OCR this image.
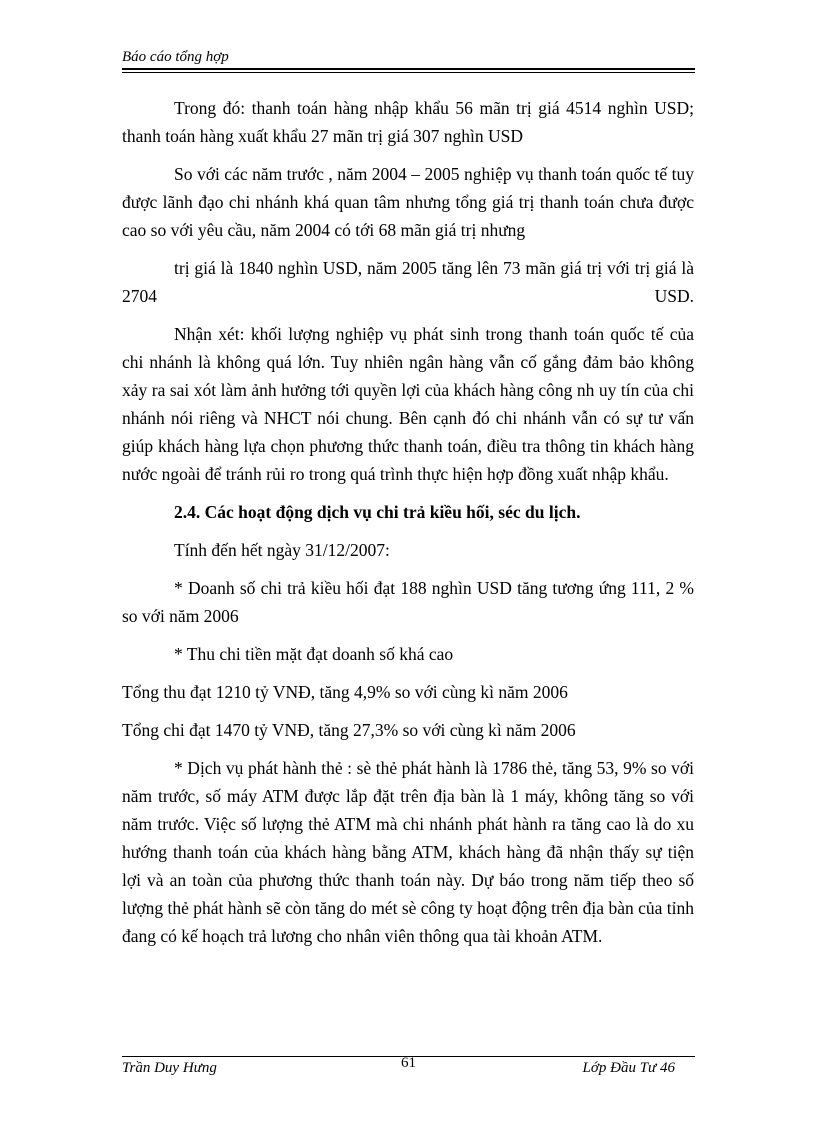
Báo cáo tổng hợp

Trong đó: thanh toán hàng nhập khẩu 56 mãn trị giá 4514 nghìn USD; thanh toán hàng xuất khẩu 27 mãn trị giá 307 nghìn USD

So với các năm trước , năm 2004 – 2005 nghiệp vụ thanh toán quốc tế tuy được lãnh đạo chi nhánh khá quan tâm nhưng tổng giá trị thanh toán chưa được cao so với yêu cầu, năm 2004 có tới 68 mãn giá trị nhưng

trị giá là 1840 nghìn USD, năm 2005 tăng lên 73 mãn giá trị với trị giá là 2704 USD.

Nhận xét: khối lượng nghiệp vụ phát sinh trong thanh toán quốc tế của chi nhánh là không quá lớn. Tuy nhiên ngân hàng vẫn cố gắng đảm bảo không xảy ra sai xót làm ảnh hưởng tới quyền lợi của khách hàng công nh uy tín của chi nhánh nói riêng và NHCT nói chung. Bên cạnh đó chi nhánh vẫn có sự tư vấn giúp khách hàng lựa chọn phương thức thanh toán, điều tra thông tin khách hàng nước ngoài để tránh rủi ro trong quá trình thực hiện hợp đồng xuất nhập khẩu.

2.4. Các hoạt động dịch vụ chi trả kiều hối, séc du lịch.

Tính đến hết ngày 31/12/2007:

* Doanh số chi trả kiều hối đạt 188 nghìn USD tăng tương ứng 111, 2 % so với năm 2006

* Thu chi tiền mặt đạt doanh số khá cao

Tổng thu đạt 1210 tỷ VNĐ, tăng 4,9% so với cùng kì năm 2006

Tổng chi đạt 1470 tỷ VNĐ, tăng 27,3% so với cùng kì năm 2006

* Dịch vụ phát hành thẻ : sè thẻ phát hành là 1786 thẻ, tăng 53, 9% so với năm trước, số máy ATM được lắp đặt trên địa bàn là 1 máy, không tăng so với năm trước. Việc số lượng thẻ ATM mà chi nhánh phát hành ra tăng cao là do xu hướng thanh toán của khách hàng bằng ATM, khách hàng đã nhận thấy sự tiện lợi và an toàn của phương thức thanh toán này. Dự báo trong năm tiếp theo số lượng thẻ phát hành sẽ còn tăng do mét sè công ty hoạt động trên địa bàn của tỉnh đang có kế hoạch trả lương cho nhân viên thông qua tài khoản ATM.

Trần Duy Hưng	61	Lớp Đầu Tư 46
